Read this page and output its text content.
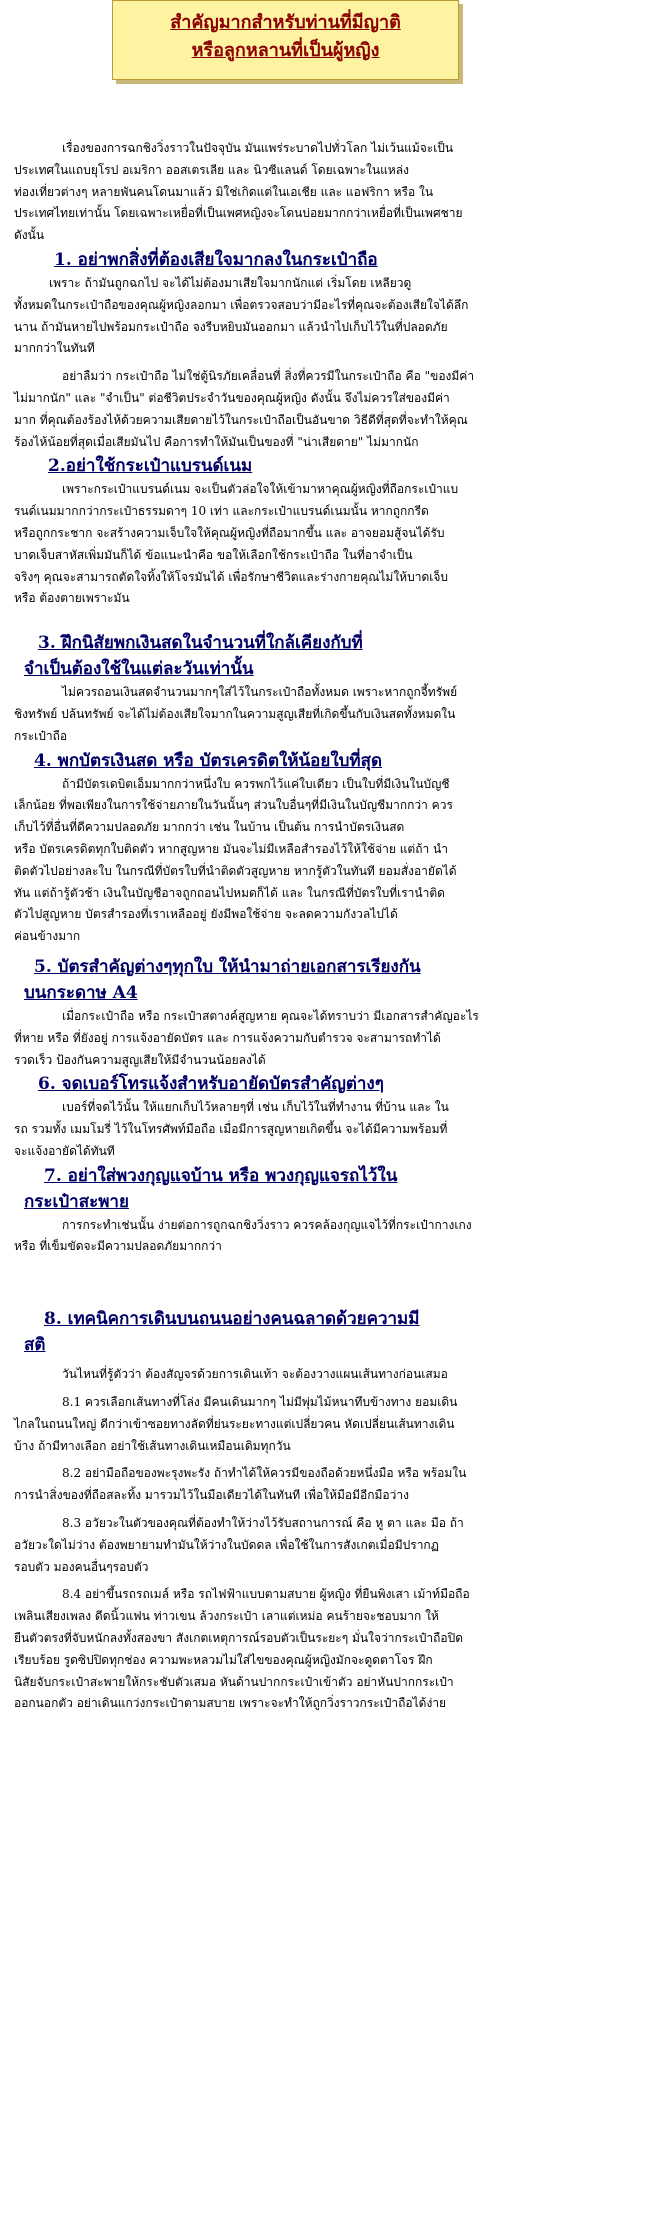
สำคัญมากสำหรับท่านที่มีญาติ
หรือลูกหลานที่เป็นผู้หญิง

เรื่องของการฉกชิงวิ่งราวในปัจจุบัน มันแพร่ระบาดไปทั่วโลก ไม่เว้นแม้จะเป็น

ประเทศในแถบยุโรป อเมริกา ออสเตรเลีย และ นิวซีแลนด์ โดยเฉพาะในแหล่ง

ท่องเที่ยวต่างๆ หลายพันคนโดนมาแล้ว มิใช่เกิดแต่ในเอเชีย และ แอฟริกา หรือ ใน

ประเทศไทยเท่านั้น โดยเฉพาะเหยื่อที่เป็นเพศหญิงจะโดนบ่อยมากกว่าเหยื่อที่เป็นเพศชาย

ดังนั้น

1. อย่าพกสิ่งที่ต้องเสียใจมากลงในกระเป๋าถือ

เพราะ ถ้ามันถูกฉกไป จะได้ไม่ต้องมาเสียใจมากนักแต่ เริ่มโดย เหลียวดู

ทั้งหมดในกระเป๋าถือของคุณผู้หญิงลอกมา เพื่อตรวจสอบว่ามีอะไรที่คุณจะต้องเสียใจได้ลึก

นาน ถ้ามันหายไปพร้อมกระเป๋าถือ จงรีบหยิบมันออกมา แล้วนำไปเก็บไว้ในที่ปลอดภัย

มากกว่าในทันที

อย่าลืมว่า กระเป๋าถือ ไม่ใช่ตู้นิรภัยเคลื่อนที่ สิ่งที่ควรมีในกระเป๋าถือ คือ "ของมีค่า

ไม่มากนัก" และ "จำเป็น" ต่อชีวิตประจำวันของคุณผู้หญิง ดังนั้น จึงไม่ควรใส่ของมีค่า

มาก ที่คุณต้องร้องไห้ด้วยความเสียดายไว้ในกระเป๋าถือเป็นอันขาด วิธีดีที่สุดที่จะทำให้คุณ

ร้องไห้น้อยที่สุดเมื่อเสียมันไป คือการทำให้มันเป็นของที่ "น่าเสียดาย" ไม่มากนัก

2.อย่าใช้กระเป๋าแบรนด์เนม

เพราะกระเป๋าแบรนด์เนม จะเป็นตัวล่อใจให้เข้ามาหาคุณผู้หญิงที่ถือกระเป๋าแบ

รนด์เนมมากกว่ากระเป๋าธรรมดาๆ 10 เท่า และกระเป๋าแบรนด์เนมนั้น หากถูกกรีด

หรือถูกกระชาก จะสร้างความเจ็บใจให้คุณผู้หญิงที่ถือมากขึ้น และ อาจยอมสู้จนได้รับ

บาดเจ็บสาหัสเพิ่มมันก็ได้ ข้อแนะนำคือ ขอให้เลือกใช้กระเป๋าถือ ในที่อาจำเป็น

จริงๆ คุณจะสามารถตัดใจทิ้งให้โจรมันได้ เพื่อรักษาชีวิตและร่างกายคุณไม่ให้บาดเจ็บ

หรือ ต้องตายเพราะมัน

3. ฝึกนิสัยพกเงินสดในจำนวนที่ใกล้เคียงกับที่
จำเป็นต้องใช้ในแต่ละวันเท่านั้น

ไม่ควรถอนเงินสดจำนวนมากๆใส่ไว้ในกระเป๋าถือทั้งหมด เพราะหากถูกจี้ทรัพย์

ชิงทรัพย์ ปล้นทรัพย์ จะได้ไม่ต้องเสียใจมากในความสูญเสียที่เกิดขึ้นกับเงินสดทั้งหมดใน

กระเป๋าถือ

4. พกบัตรเงินสด หรือ บัตรเครดิตให้น้อยใบที่สุด

ถ้ามีบัตรเดบิตเอ็มมากกว่าหนึ่งใบ ควรพกไว้แค่ใบเดียว เป็นใบที่มีเงินในบัญชี

เล็กน้อย ที่พอเพียงในการใช้จ่ายภายในวันนั้นๆ ส่วนใบอื่นๆที่มีเงินในบัญชีมากกว่า ควร

เก็บไว้ที่อื่นที่ดีความปลอดภัย มากกว่า เช่น ในบ้าน เป็นต้น การนำบัตรเงินสด

หรือ บัตรเครดิตทุกใบติดตัว หากสูญหาย มันจะไม่มีเหลือสำรองไว้ให้ใช้จ่าย แต่ถ้า นำ

ติดตัวไปอย่างละใบ ในกรณีที่บัตรใบที่นำติดตัวสูญหาย หากรู้ตัวในทันที ยอมสั่งอายัดได้

ทัน แต่ถ้ารู้ตัวช้า เงินในบัญชีอาจถูกถอนไปหมดก็ได้ และ ในกรณีที่บัตรใบที่เรานำติด

ตัวไปสูญหาย บัตรสำรองที่เราเหลืออยู่ ยังมีพอใช้จ่าย จะลดความกังวลไปได้

ค่อนข้างมาก

5. บัตรสำคัญต่างๆทุกใบ ให้นำมาถ่ายเอกสารเรียงกัน
บนกระดาษ A4

เมื่อกระเป๋าถือ หรือ กระเป๋าสตางค์สูญหาย คุณจะได้ทราบว่า มีเอกสารสำคัญอะไร

ที่หาย หรือ ที่ยังอยู่ การแจ้งอายัดบัตร และ การแจ้งความกับตำรวจ จะสามารถทำได้

รวดเร็ว ป้องกันความสูญเสียให้มีจำนวนน้อยลงได้

6. จดเบอร์โทรแจ้งสำหรับอายัดบัตรสำคัญต่างๆ

เบอร์ที่จดไว้นั้น ให้แยกเก็บไว้หลายๆที่ เช่น เก็บไว้ในที่ทำงาน ที่บ้าน และ ใน

รถ รวมทั้ง เมมโมรี่ ไว้ในโทรศัพท์มือถือ เมื่อมีการสูญหายเกิดขึ้น จะได้มีความพร้อมที่

จะแจ้งอายัดได้ทันที

7. อย่าใส่พวงกุญแจบ้าน หรือ พวงกุญแจรถไว้ใน
กระเป๋าสะพาย

การกระทำเช่นนั้น ง่ายต่อการถูกฉกชิงวิ่งราว ควรคล้องกุญแจไว้ที่กระเป๋ากางเกง

หรือ ที่เข็มขัดจะมีความปลอดภัยมากกว่า

8. เทคนิคการเดินบนถนนอย่างคนฉลาดด้วยความมี
สติ

วันไหนที่รู้ตัวว่า ต้องสัญจรด้วยการเดินเท้า จะต้องวางแผนเส้นทางก่อนเสมอ

8.1 ควรเลือกเส้นทางที่โล่ง มีคนเดินมากๆ ไม่มีพุ่มไม้หนาทึบข้างทาง ยอมเดิน

ไกลในถนนใหญ่ ดีกว่าเข้าซอยทางลัดที่ย่นระยะทางแต่เปลี่ยวคน หัดเปลี่ยนเส้นทางเดิน

บ้าง ถ้ามีทางเลือก อย่าใช้เส้นทางเดินเหมือนเดิมทุกวัน

8.2 อย่ามือถือของพะรุงพะรัง ถ้าทำได้ให้ควรมีของถือด้วยหนึ่งมือ หรือ พร้อมใน

การนำสิ่งของที่ถือสละทิ้ง มารวมไว้ในมือเดียวได้ในทันที เพื่อให้มือมีอีกมือว่าง

8.3 อวัยวะในตัวของคุณที่ต้องทำให้ว่างไว้รับสถานการณ์ คือ หู ตา และ มือ ถ้า

อวัยวะใดไม่ว่าง ต้องพยายามทำมันให้ว่างในบัดดล เพื่อใช้ในการสังเกตเมื่อมีปรากฏ

รอบตัว มองคนอื่นๆรอบตัว

8.4 อย่าขึ้นรถรถเมล์ หรือ รถไฟฟ้าแบบตามสบาย ผู้หญิง ที่ยืนพิงเสา เม้าท์มือถือ

เพลินเสียงเพลง ดีดนิ้วแฟน ท่าวเขน ล้วงกระเป๋า เลาแต่เหม่อ คนร้ายจะชอบมาก ให้

ยืนตัวตรงที่จับหนักลงทั้งสองขา สังเกตเหตุการณ์รอบตัวเป็นระยะๆ มั่นใจว่ากระเป๋าถือปิด

เรียบร้อย รูดซิปปิดทุกช่อง ความพะหลวมไม่ใส่ไขของคุณผู้หญิงมักจะดูดตาโจร ฝึก

นิสัยจับกระเป๋าสะพายให้กระชับตัวเสมอ หันด้านปากกระเป๋าเข้าตัว อย่าหันปากกระเป๋า

ออกนอกตัว อย่าเดินแกว่งกระเป๋าตามสบาย เพราะจะทำให้ถูกวิ่งราวกระเป๋าถือได้ง่าย
